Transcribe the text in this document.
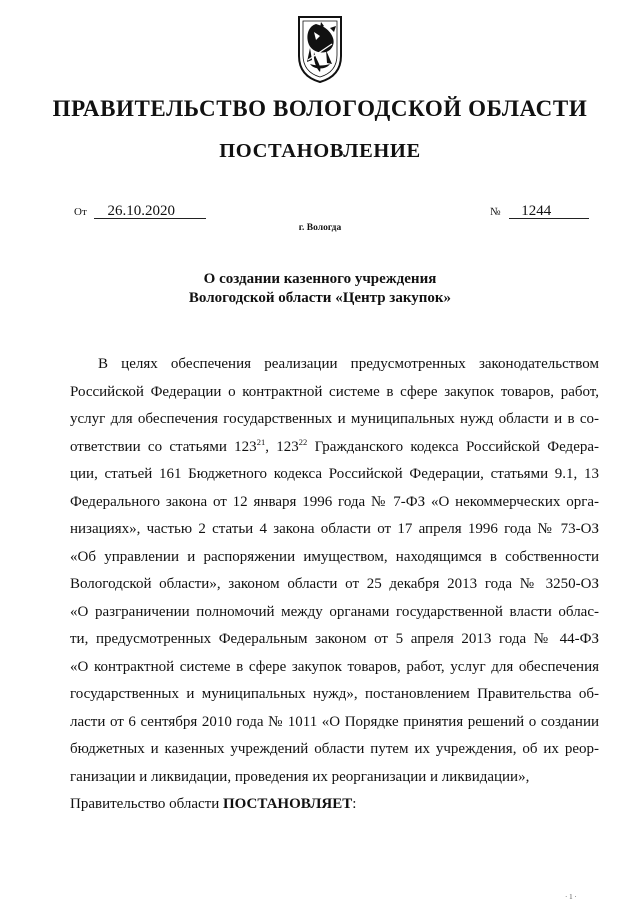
ПРАВИТЕЛЬСТВО ВОЛОГОДСКОЙ ОБЛАСТИ
ПОСТАНОВЛЕНИЕ
От 26.10.2020	№ 1244
г. Вологда
О создании казенного учреждения
Вологодской области «Центр закупок»
В целях обеспечения реализации предусмотренных законодательством
Российской Федерации о контрактной системе в сфере закупок товаров, работ,
услуг для обеспечения государственных и муниципальных нужд области и в со-
ответствии со статьями $123^{21}$, $123^{22}$ Гражданского кодекса Российской Федера-
ции, статьей 161 Бюджетного кодекса Российской Федерации, статьями 9.1, 13
Федерального закона от 12 января 1996 года № 7-ФЗ «О некоммерческих орга-
низациях», частью 2 статьи 4 закона области от 17 апреля 1996 года № 73-ОЗ
«Об управлении и распоряжении имуществом, находящимся в собственности
Вологодской области», законом области от 25 декабря 2013 года № 3250-ОЗ
«О разграничении полномочий между органами государственной власти облас-
ти, предусмотренных Федеральным законом от 5 апреля 2013 года № 44-ФЗ
«О контрактной системе в сфере закупок товаров, работ, услуг для обеспечения
государственных и муниципальных нужд», постановлением Правительства об-
ласти от 6 сентября 2010 года № 1011 «О Порядке принятия решений о создании
бюджетных и казенных учреждений области путем их учреждения, об их реор-
ганизации и ликвидации, проведения их реорганизации и ликвидации»,
Правительство области ПОСТАНОВЛЯЕТ:
· 1 ·
